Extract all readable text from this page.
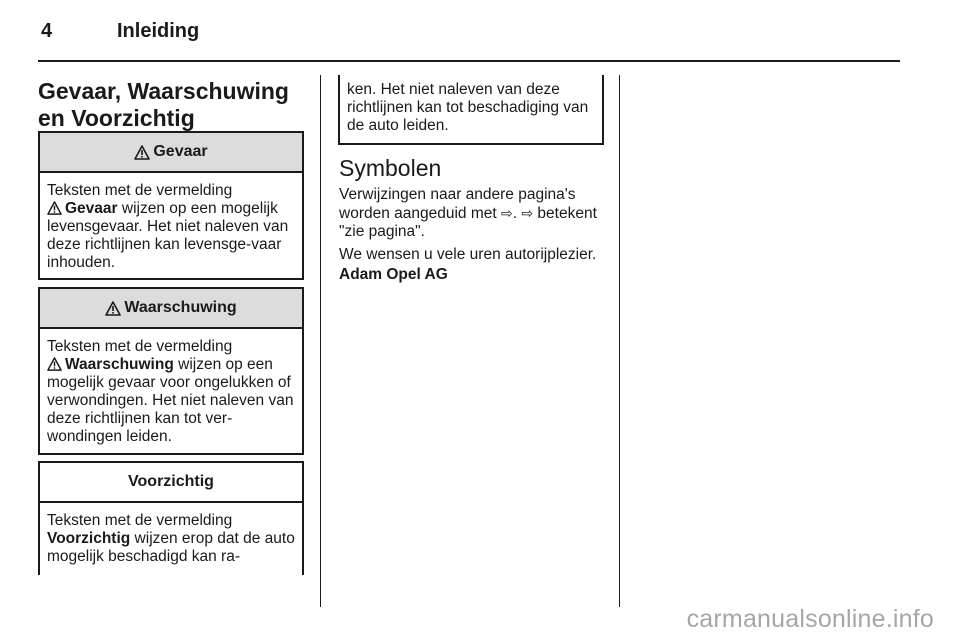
4	Inleiding
Gevaar, Waarschuwing en Voorzichtig
Gevaar
Teksten met de vermelding
Gevaar wijzen op een mogelijk levensgevaar. Het niet naleven van deze richtlijnen kan levensge-vaar inhouden.
Waarschuwing
Teksten met de vermelding
Waarschuwing wijzen op een mogelijk gevaar voor ongelukken of verwondingen. Het niet naleven van deze richtlijnen kan tot ver-wondingen leiden.
Voorzichtig
Teksten met de vermelding
Voorzichtig wijzen erop dat de auto mogelijk beschadigd kan ra-
ken. Het niet naleven van deze richtlijnen kan tot beschadiging van de auto leiden.
Symbolen
Verwijzingen naar andere pagina's worden aangeduid met ⇨. ⇨ betekent "zie pagina".
We wensen u vele uren autorijplezier.
Adam Opel AG
carmanualsonline.info
